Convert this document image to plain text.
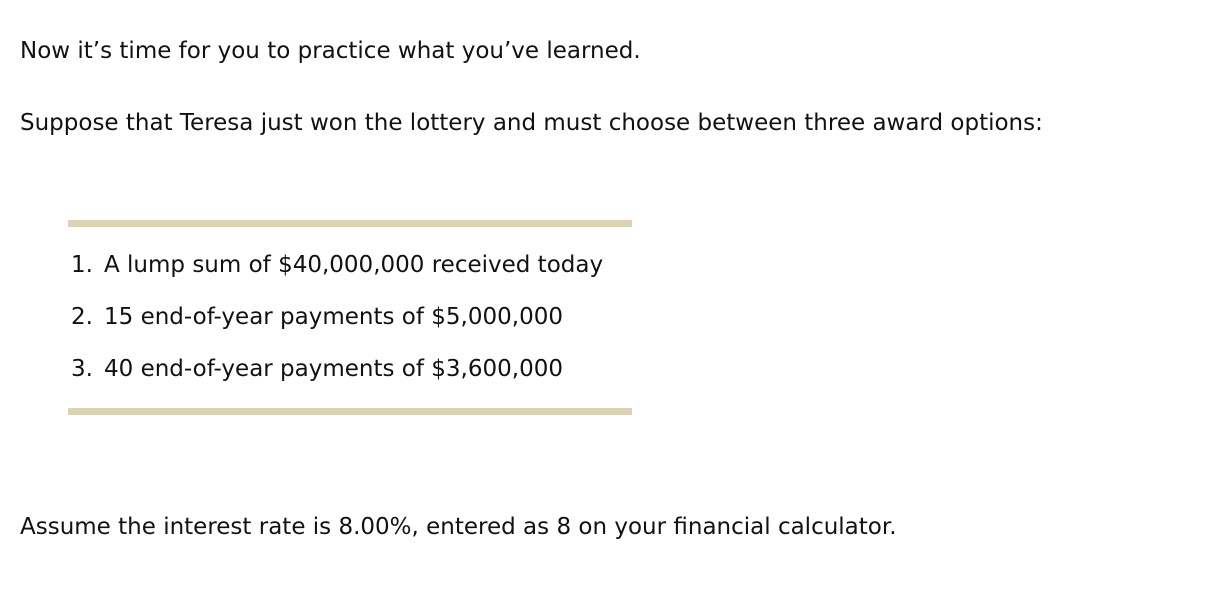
Now it’s time for you to practice what you’ve learned.
Suppose that Teresa just won the lottery and must choose between three award options:
1. A lump sum of $40,000,000 received today
2. 15 end-of-year payments of $5,000,000
3. 40 end-of-year payments of $3,600,000
Assume the interest rate is 8.00%, entered as 8 on your financial calculator.
